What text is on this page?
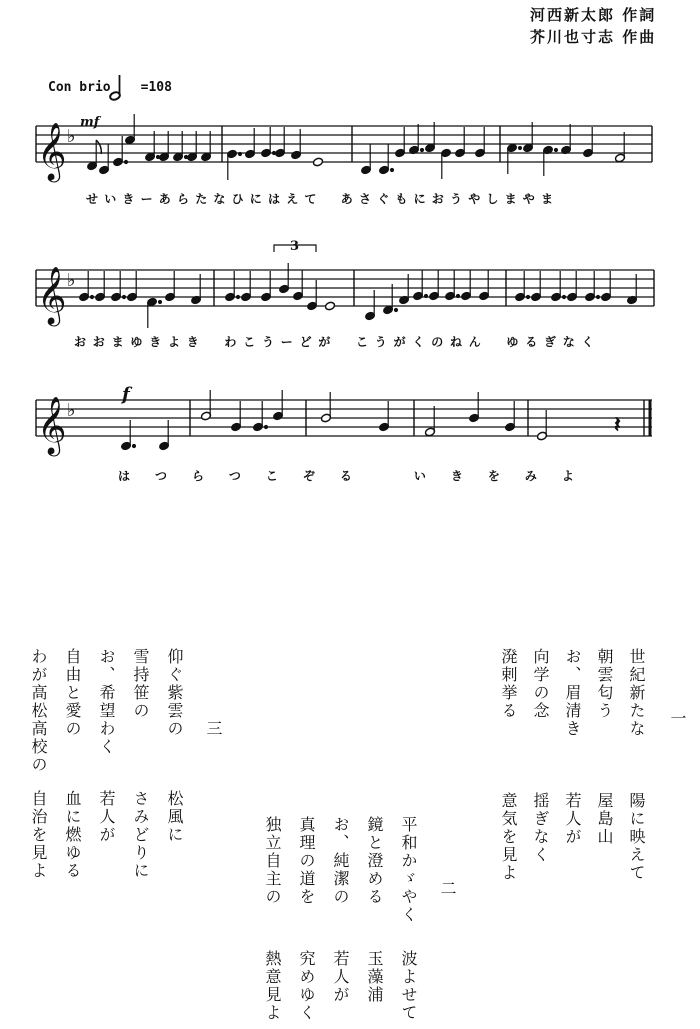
河西新太郎 作詞
芥川也寸志 作曲
Con brio =108
𝄞
𝄞
𝄞
♭
♭
♭
mf
f
3
𝄽
せいきーあらたなひにはえて　あさぐもにおうやしまやま
おおまゆきよき　わこうーどが　こうがくのねん　ゆるぎなく
はつらつこぞる　いきをみよ
一
世紀新たな
陽に映えて
朝雲匂う
屋島山
お、眉清き
若人が
向学の念
揺ぎなく
溌剌挙る
意気を見よ
二
平和かゞやく
波よせて
鏡と澄める
玉藻浦
お、純潔の
若人が
真理の道を
究めゆく
独立自主の
熱意見よ
三
仰ぐ紫雲の
松風に
雪持笹の
さみどりに
お、希望わく
若人が
自由と愛の
血に燃ゆる
わが高松高校の
自治を見よ
